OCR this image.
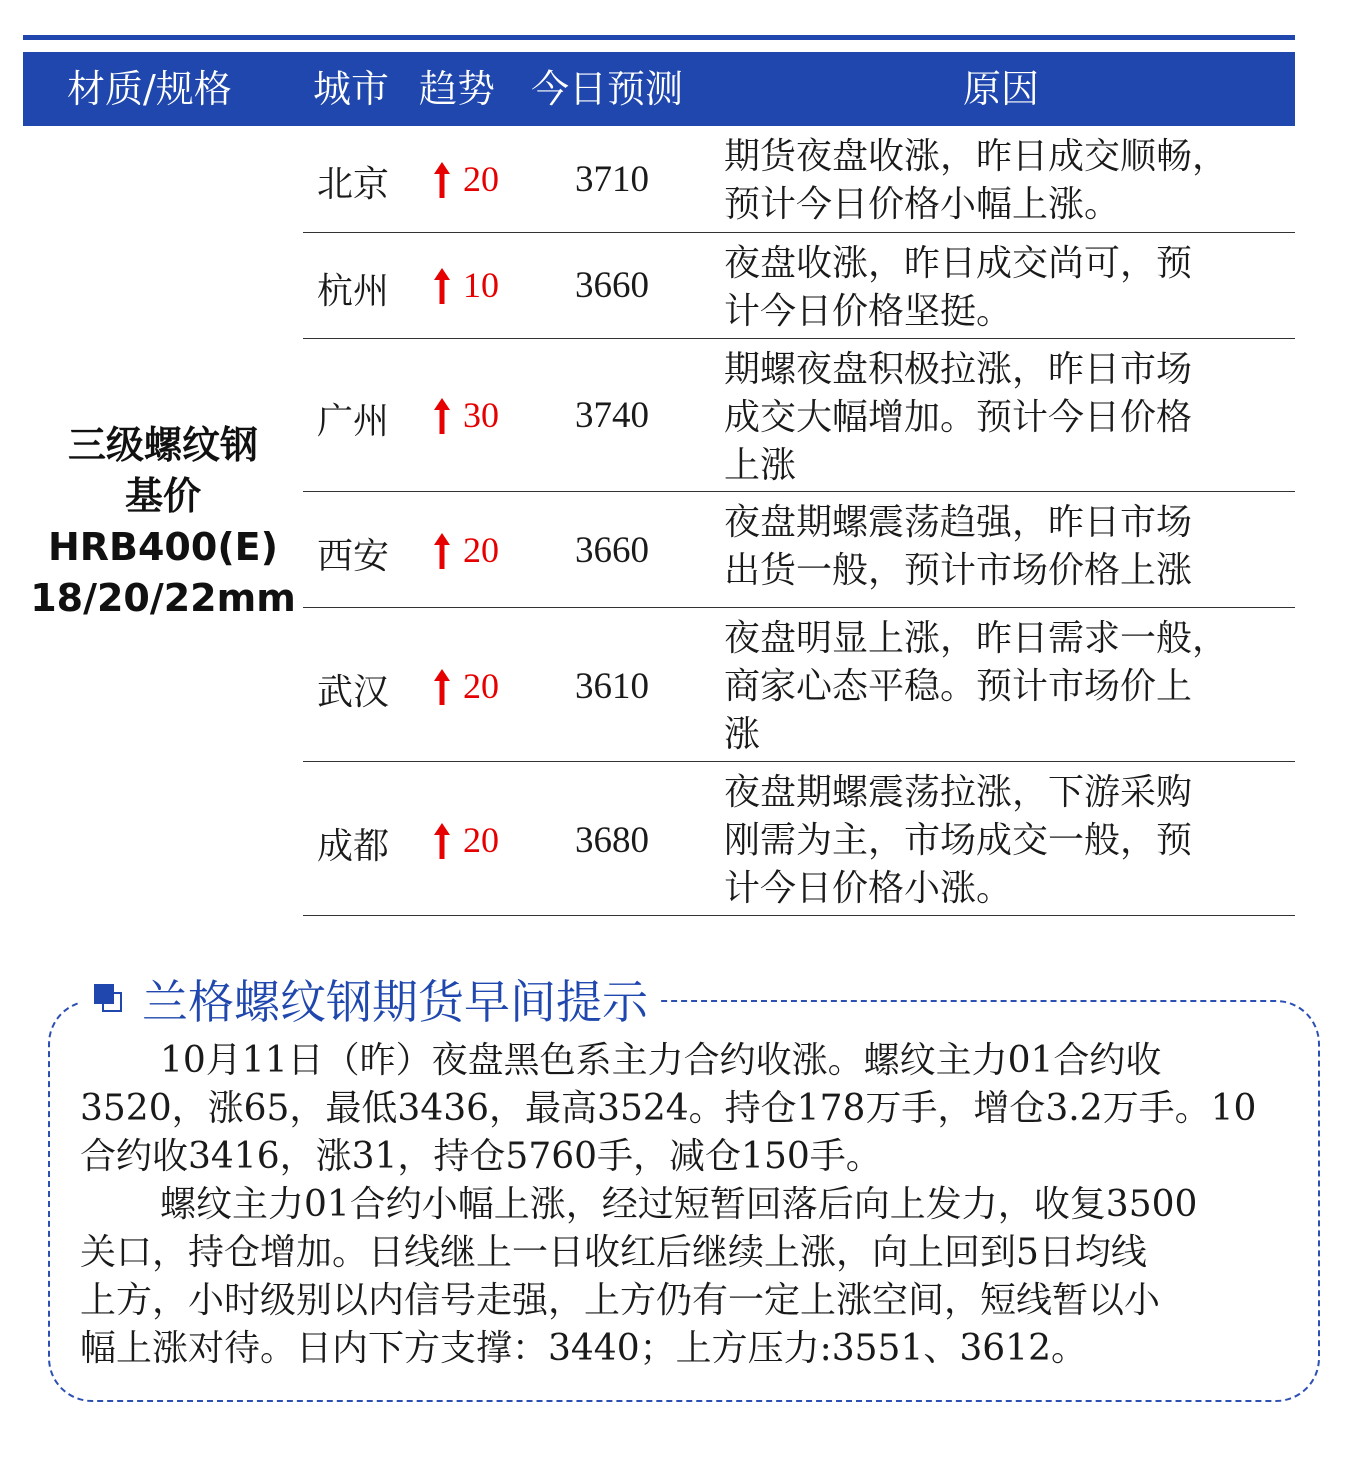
材质/规格 城市 趋势 今日预测	原因
三级螺纹钢
基价
HRB400(E)
18/20/22mm
北京 20 3710
期货夜盘收涨，昨日成交顺畅，
预计今日价格小幅上涨。
杭州 10 3660
夜盘收涨，昨日成交尚可，预
计今日价格坚挺。
广州 30 3740
期螺夜盘积极拉涨，昨日市场
成交大幅增加。预计今日价格
上涨
西安 20 3660
夜盘期螺震荡趋强，昨日市场
出货一般，预计市场价格上涨
武汉 20 3610
夜盘明显上涨，昨日需求一般，
商家心态平稳。预计市场价上
涨
成都 20 3680
夜盘期螺震荡拉涨，下游采购
刚需为主，市场成交一般，预
计今日价格小涨。
兰格螺纹钢期货早间提示

10月11日（昨）夜盘黑色系主力合约收涨。螺纹主力01合约收
3520，涨65，最低3436，最高3524。持仓178万手，增仓3.2万手。10
合约收3416，涨31，持仓5760手，减仓150手。

螺纹主力01合约小幅上涨，经过短暂回落后向上发力，收复3500
关口，持仓增加。日线继上一日收红后继续上涨，向上回到5日均线
上方，小时级别以内信号走强，上方仍有一定上涨空间，短线暂以小
幅上涨对待。日内下方支撑：3440；上方压力:3551、3612。
